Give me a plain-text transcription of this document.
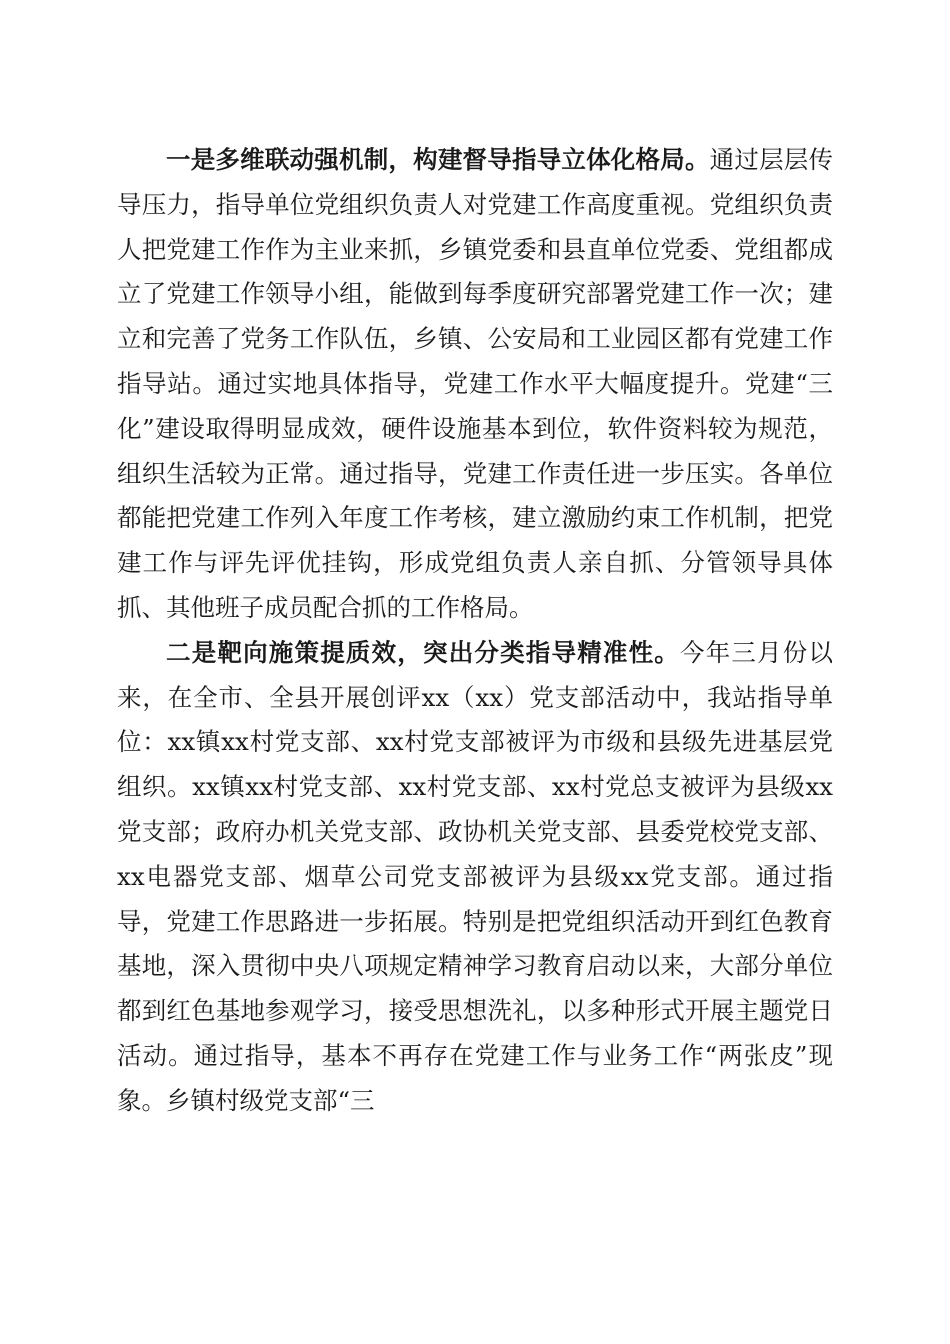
一是多维联动强机制，构建督导指导立体化格局。通过层层传导压力，指导单位党组织负责人对党建工作高度重视。党组织负责人把党建工作作为主业来抓，乡镇党委和县直单位党委、党组都成立了党建工作领导小组，能做到每季度研究部署党建工作一次；建立和完善了党务工作队伍，乡镇、公安局和工业园区都有党建工作指导站。通过实地具体指导，党建工作水平大幅度提升。党建“三化”建设取得明显成效，硬件设施基本到位，软件资料较为规范，组织生活较为正常。通过指导，党建工作责任进一步压实。各单位都能把党建工作列入年度工作考核，建立激励约束工作机制，把党建工作与评先评优挂钩，形成党组负责人亲自抓、分管领导具体抓、其他班子成员配合抓的工作格局。

二是靶向施策提质效，突出分类指导精准性。今年三月份以来，在全市、全县开展创评xx（xx）党支部活动中，我站指导单位：xx镇xx村党支部、xx村党支部被评为市级和县级先进基层党组织。xx镇xx村党支部、xx村党支部、xx村党总支被评为县级xx党支部；政府办机关党支部、政协机关党支部、县委党校党支部、xx电器党支部、烟草公司党支部被评为县级xx党支部。通过指导，党建工作思路进一步拓展。特别是把党组织活动开到红色教育基地，深入贯彻中央八项规定精神学习教育启动以来，大部分单位都到红色基地参观学习，接受思想洗礼，以多种形式开展主题党日活动。通过指导，基本不再存在党建工作与业务工作“两张皮”现象。乡镇村级党支部“三
